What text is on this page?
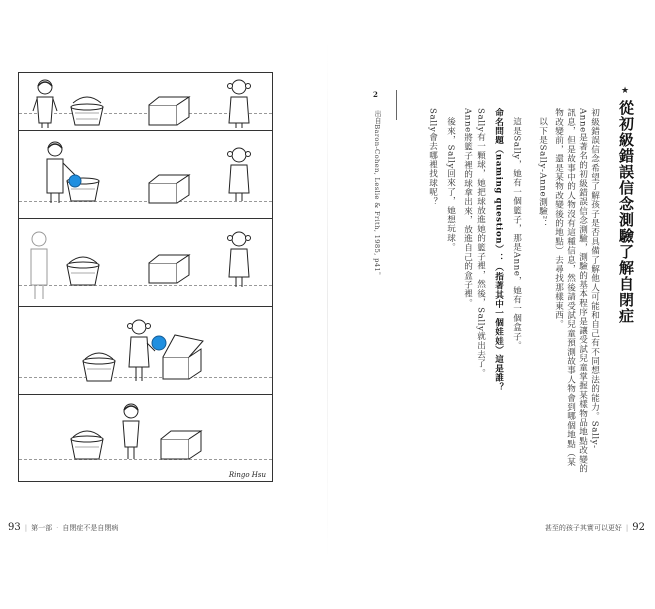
Ringo Hsu
★
從初級錯誤信念測驗了解自閉症
初級錯誤信念希望了解孩子是否具備了解他人可能和自己有不同想法的能力。Sally-
Anne是著名的初級錯誤信念測驗，測驗的基本程序是讓受試兒童掌握某樣物品地點改變的
訊息，但是故事中的人物沒有這種信息，然後請受試兒童預測故事人物會到哪個地點（某
物改變前，還是某物改變後的地點）去尋找那樣東西。
以下是Sally-Anne測驗²：
這是Sally，她有一個籃子，那是Anne，她有一個盒子。
命名問題（naming question）：（指著其中一個娃娃）這是誰？
Sally有一顆球，她把球放進她的籃子裡，然後，Sally就出去了。
Anne將籃子裡的球拿出來，放進自己的盒子裡。
後來，Sally回來了，她想玩球。
Sally會去哪裡找球呢？
2
出自Baron-Cohen, Leslie & Frith, 1985, p41。
93 | 第一部 · 自閉症不是自閉病	甚至的孩子其實可以更好 | 92
